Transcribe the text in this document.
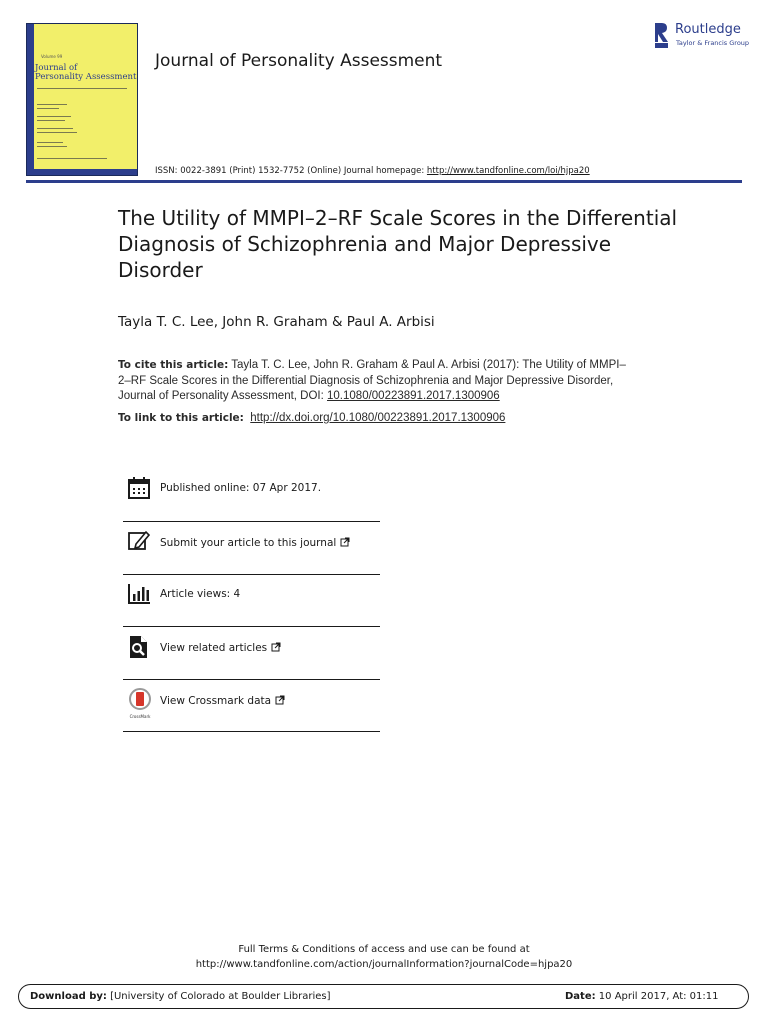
Volume 99
Journal of
Personality Assessment
Journal of Personality Assessment
Routledge
Taylor & Francis Group
ISSN: 0022-3891 (Print) 1532-7752 (Online) Journal homepage: http://www.tandfonline.com/loi/hjpa20
The Utility of MMPI–2–RF Scale Scores in the Differential Diagnosis of Schizophrenia and Major Depressive Disorder
Tayla T. C. Lee, John R. Graham & Paul A. Arbisi
To cite this article: Tayla T. C. Lee, John R. Graham & Paul A. Arbisi (2017): The Utility of MMPI–2–RF Scale Scores in the Differential Diagnosis of Schizophrenia and Major Depressive Disorder, Journal of Personality Assessment, DOI: 10.1080/00223891.2017.1300906
To link to this article: http://dx.doi.org/10.1080/00223891.2017.1300906
Published online: 07 Apr 2017.
Submit your article to this journal
Article views: 4
View related articles
CrossMark
View Crossmark data
Full Terms & Conditions of access and use can be found at
http://www.tandfonline.com/action/journalInformation?journalCode=hjpa20
Download by: [University of Colorado at Boulder Libraries]	Date: 10 April 2017, At: 01:11
